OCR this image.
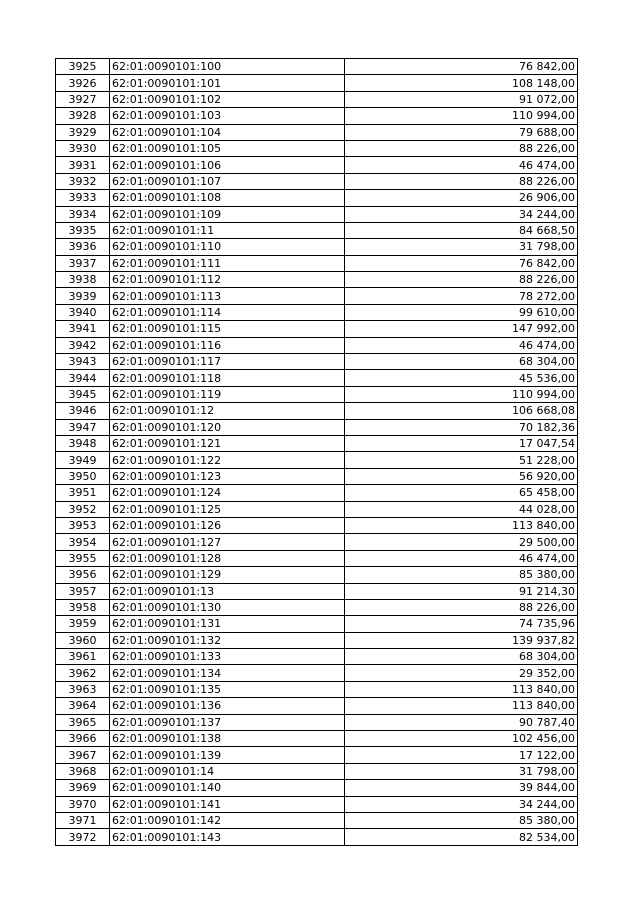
3925	62:01:0090101:100	76 842,00
3926	62:01:0090101:101	108 148,00
3927	62:01:0090101:102	91 072,00
3928	62:01:0090101:103	110 994,00
3929	62:01:0090101:104	79 688,00
3930	62:01:0090101:105	88 226,00
3931	62:01:0090101:106	46 474,00
3932	62:01:0090101:107	88 226,00
3933	62:01:0090101:108	26 906,00
3934	62:01:0090101:109	34 244,00
3935	62:01:0090101:11	84 668,50
3936	62:01:0090101:110	31 798,00
3937	62:01:0090101:111	76 842,00
3938	62:01:0090101:112	88 226,00
3939	62:01:0090101:113	78 272,00
3940	62:01:0090101:114	99 610,00
3941	62:01:0090101:115	147 992,00
3942	62:01:0090101:116	46 474,00
3943	62:01:0090101:117	68 304,00
3944	62:01:0090101:118	45 536,00
3945	62:01:0090101:119	110 994,00
3946	62:01:0090101:12	106 668,08
3947	62:01:0090101:120	70 182,36
3948	62:01:0090101:121	17 047,54
3949	62:01:0090101:122	51 228,00
3950	62:01:0090101:123	56 920,00
3951	62:01:0090101:124	65 458,00
3952	62:01:0090101:125	44 028,00
3953	62:01:0090101:126	113 840,00
3954	62:01:0090101:127	29 500,00
3955	62:01:0090101:128	46 474,00
3956	62:01:0090101:129	85 380,00
3957	62:01:0090101:13	91 214,30
3958	62:01:0090101:130	88 226,00
3959	62:01:0090101:131	74 735,96
3960	62:01:0090101:132	139 937,82
3961	62:01:0090101:133	68 304,00
3962	62:01:0090101:134	29 352,00
3963	62:01:0090101:135	113 840,00
3964	62:01:0090101:136	113 840,00
3965	62:01:0090101:137	90 787,40
3966	62:01:0090101:138	102 456,00
3967	62:01:0090101:139	17 122,00
3968	62:01:0090101:14	31 798,00
3969	62:01:0090101:140	39 844,00
3970	62:01:0090101:141	34 244,00
3971	62:01:0090101:142	85 380,00
3972	62:01:0090101:143	82 534,00
